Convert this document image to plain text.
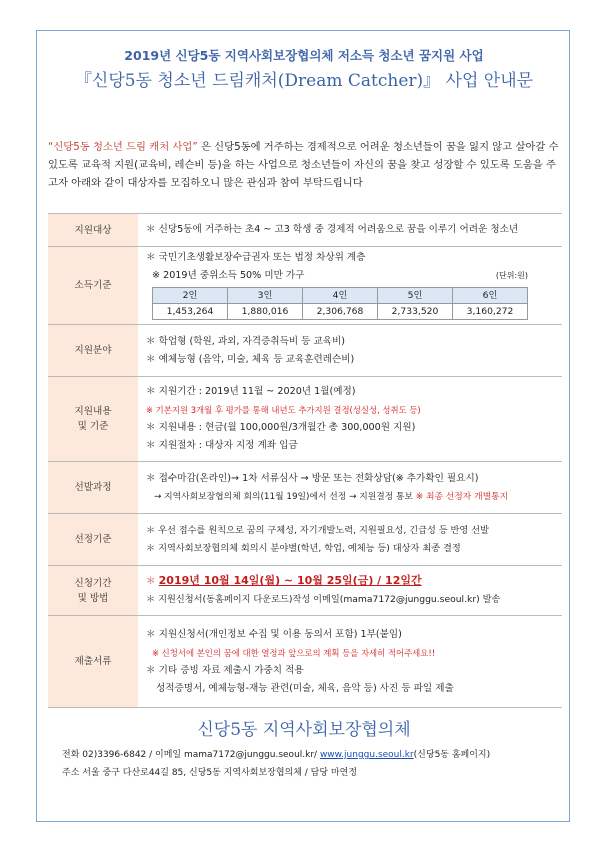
2019년 신당5동 지역사회보장협의체 저소득 청소년 꿈지원 사업
『신당5동 청소년 드림캐처(Dream Catcher)』 사업 안내문
“신당5동 청소년 드림 캐처 사업” 은 신당5동에 거주하는 경제적으로 어려운 청소년들이 꿈을 잃지 않고 살아갈 수 있도록 교육적 지원(교육비, 레슨비 등)을 하는 사업으로 청소년들이 자신의 꿈을 찾고 성장할 수 있도록 도움을 주고자 아래와 같이 대상자를 모집하오니 많은 관심과 참여 부탁드립니다
지원대상	＊ 신당5동에 거주하는 초4 ~ 고3 학생 중 경제적 어려움으로 꿈을 이루기 어려운 청소년
소득기준	
＊ 국민기초생활보장수급권자 또는 법정 차상위 계층
※ 2019년 중위소득 50% 미만 가구	(단위:원)
2인	3인	4인	5인	6인
1,453,264	1,880,016	2,306,768	2,733,520	3,160,272

지원분야	
＊ 학업형 (학원, 과외, 자격증취득비 등 교육비)
＊ 예체능형 (음악, 미술, 체육 등 교육훈련레슨비)

지원내용
및 기준	
＊ 지원기간 : 2019년 11월 ~ 2020년 1월(예정)
※ 기본지원 3개월 후 평가를 통해 내년도 추가지원 결정(성실성, 성취도 등)
＊ 지원내용 : 현금(월 100,000원/3개월간 총 300,000원 지원)
＊ 지원절차 : 대상자 지정 계좌 입금

선발과정	
＊ 접수마감(온라인)→ 1차 서류심사 → 방문 또는 전화상담(※ 추가확인 필요시)
→ 지역사회보장협의체 회의(11월 19일)에서 선정 → 지원결정 통보 ※ 최종 선정자 개별통지

선정기준	
＊ 우선 접수를 원칙으로 꿈의 구체성, 자기개발노력, 지원필요성, 긴급성 등 반영 선발
＊ 지역사회보장협의체 회의시 분야별(학년, 학업, 예체능 등) 대상자 최종 결정

신청기간
및 방법	
＊ 2019년 10월 14일(월) ~ 10월 25일(금) / 12일간
＊ 지원신청서(동홈페이지 다운로드)작성 이메일(mama7172@junggu.seoul.kr) 발송

제출서류	
＊ 지원신청서(개인정보 수집 및 이용 동의서 포함) 1부(붙임)
※ 신청서에 본인의 꿈에 대한 열정과 앞으로의 계획 등을 자세히 적어주세요!!
＊ 기타 증빙 자료 제출시 가중치 적용
성적증명서, 예체능형-재능 관련(미술, 체육, 음악 등) 사진 등 파일 제출
신당5동 지역사회보장협의체
전화 02)3396-6842 / 이메일 mama7172@junggu.seoul.kr/ www.junggu.seoul.kr(신당5동 홈페이지)
주소 서울 중구 다산로44길 85, 신당5동 지역사회보장협의체 / 담당 마연정
